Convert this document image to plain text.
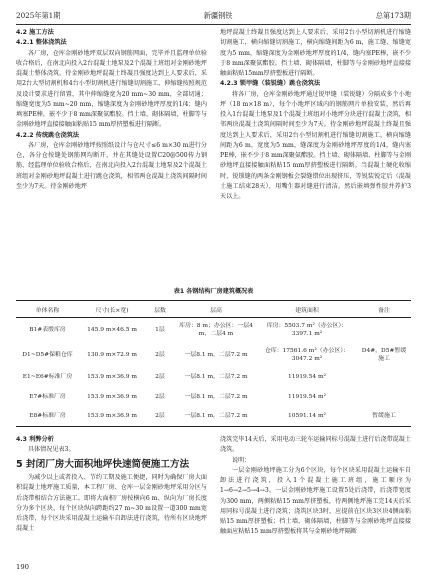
2025年第1期	新疆钢铁	总第173期
4.2 施工方法
4.2.1 整体浇筑法

各厂房，仓库金刚砂地坪双层双向钢筋网面，完毕并且监理单位验收合格后，在南北向投入2台混凝土地泵及2个混凝土班组对金刚砂地坪混凝土整体浇筑。待金刚砂地坪混凝土终凝且强度达到上人要求后，采用2台大型切割机和4台小型切割机进行缩缝切割施工，伸缩缝按照规范及设计要求进行留置，其中伸缩缝宽为20 mm~30 mm，全部切通；缩缝宽度为5 mm~20 mm，缩缝深度为金刚砂地坪厚度的1/4；缝内填塞PE棒，嵌不少于8 mm深聚氨酯胶。挡土墙、砌体隔墙、柱脚等与金刚砂地坪直接接触面粘贴15 mm厚挤塑板进行隔断。

4.2.2 传统跳仓浇筑法

各厂房，仓库金刚砂地坪按照纸设计与仓尺寸≤6 m×30 m进行分仓，各分仓按缝处钢筋网均断开，并在其缝处设置C20@500传力钢筋，经监理单位验收合格后，在南北向投入2台混凝土地泵及2个混凝土班组对金刚砂地坪混凝土进行跳仓浇筑，相邻两仓混凝土浇筑间隔时间至少为7天。待金刚砂地坪

地坪混凝土终凝且强度达到上人要求后，采用2台小型切割机进行缩缝切割施工，横向缩缝切割施工，横向缩缝间距为6 m，施工缝、缩缝宽度为5 mm，缩缝深度为金刚砂地坪厚度的1/4，缝内塞PE棒，嵌不少于8 mm深聚氨酯胶。挡土墙、砌体隔墙，柱脚等与金刚砂地坪直接接触面粘贴15mm厚挤塑板进行隔断。

4.2.3 锁甲缝（装锐缝）跳仓浇筑法

将各厂房，仓库金刚砂地坪通过锐甲缝（装锐缝）分隔成多个小地坪（18 m×18 m），每个小地坪区域内的钢筋网片单独安装，然后再投入1台混凝土地泵及1个混凝土班组对小地坪分块进行混凝土浇筑，相邻两块混凝土浇筑间隔时间至少为7天。待金刚砂地坪混凝土终凝且强度达到上人要求后，采用2台小型切割机进行缩缝切割施工，横向缩缝间距为6 m，宽度为5 mm，缝深度为金刚砂地坪厚度的1/4，缝内塞PE棒，嵌不少于8 mm深聚氨酯胶。挡土墙、砌体隔墙、柱脚等与金刚砂地坪直接接触面粘贴15 mm厚挤塑板进行隔断。当混凝土硬化收缩时，锐锁缝的两条金刚钢板会裂缝错位出现挤压，等锐装锐定后（混凝土施工结束28天），用嘴生器对缝进行清洁，然后嵌填弹性胶并养护3天以上。

表1 各钢结构厂房建筑概况表
单体名称	尺寸(长×宽)	层数	层高	建筑面积	备注
B1#表殷库房	145.9 m×46.5 m	1层	库房：8 m；办公区：一层4 m，二层4 m	库房：5503.7 m²（办公区）：3397.1 m²	
D1~D5#保粮仓库	130.9 m×72.9 m	2层	一层8.1 m，二层7.2 m	仓库：17561.6 m²（办公区）：3047.2 m²	D4#，D5#暂缓施工
E1~E6#标准厂房	153.9 m×36.9 m	2层	一层8.1 m，二层7.2 m	11919.54 m²	
E7#标准厂房	153.9 m×36.9 m	2层	一层8.1 m，二层7.2 m	11919.54 m²	
E8#标准厂房	153.9 m×36.9 m	2层	一层8.1 m，二层7.2 m	10591.14 m²	暂缓施工
4.3 利弊分析

具体情况见表3。

5 封闭厂房大面积地坪快速简便施工方法

为减少以上或者投入、节约工期及施工便捷，同时为确保厂房大面积混凝土地坪施工质量，本工程厂房、仓库一层金刚砂地坪采用分区与后浇带相结合方法施工。即将大面积厂房按横向6 m、纵向为厂房长度分为多个区块，每个区块纵向跨距约27 m~30 m设置一道300 mm宽后浇带，每个区块采用混凝土运输车自卸法进行浇筑，待所有区块地坪混凝土

浇筑完毕14天后，采用电动三轮车运输同标号混凝土进行后浇带混凝土浇筑。

说明：

一层金刚砂地坪施工分为6个区块，每个区块采用混凝土运输车自卸法进行浇筑，投入1个混凝土施工班组，施工顺序为1→6→2→5→4→3。一层金刚砂地坪施工设置5处后浇带，后浇带宽度为300 mm，两侧粘贴15 mm厚挤塑板，待两侧地坪施工完14天后采用同标号混凝土进行浇筑；浇筑区块3时，应提前在区块3区块4侧面粘贴15 mm厚挤塑板；挡土墙、砌体隔墙，柱脚等与金刚砂地坪直接接触面应粘贴15 mm厚挤塑板将其与金刚砂地坪隔断

190
